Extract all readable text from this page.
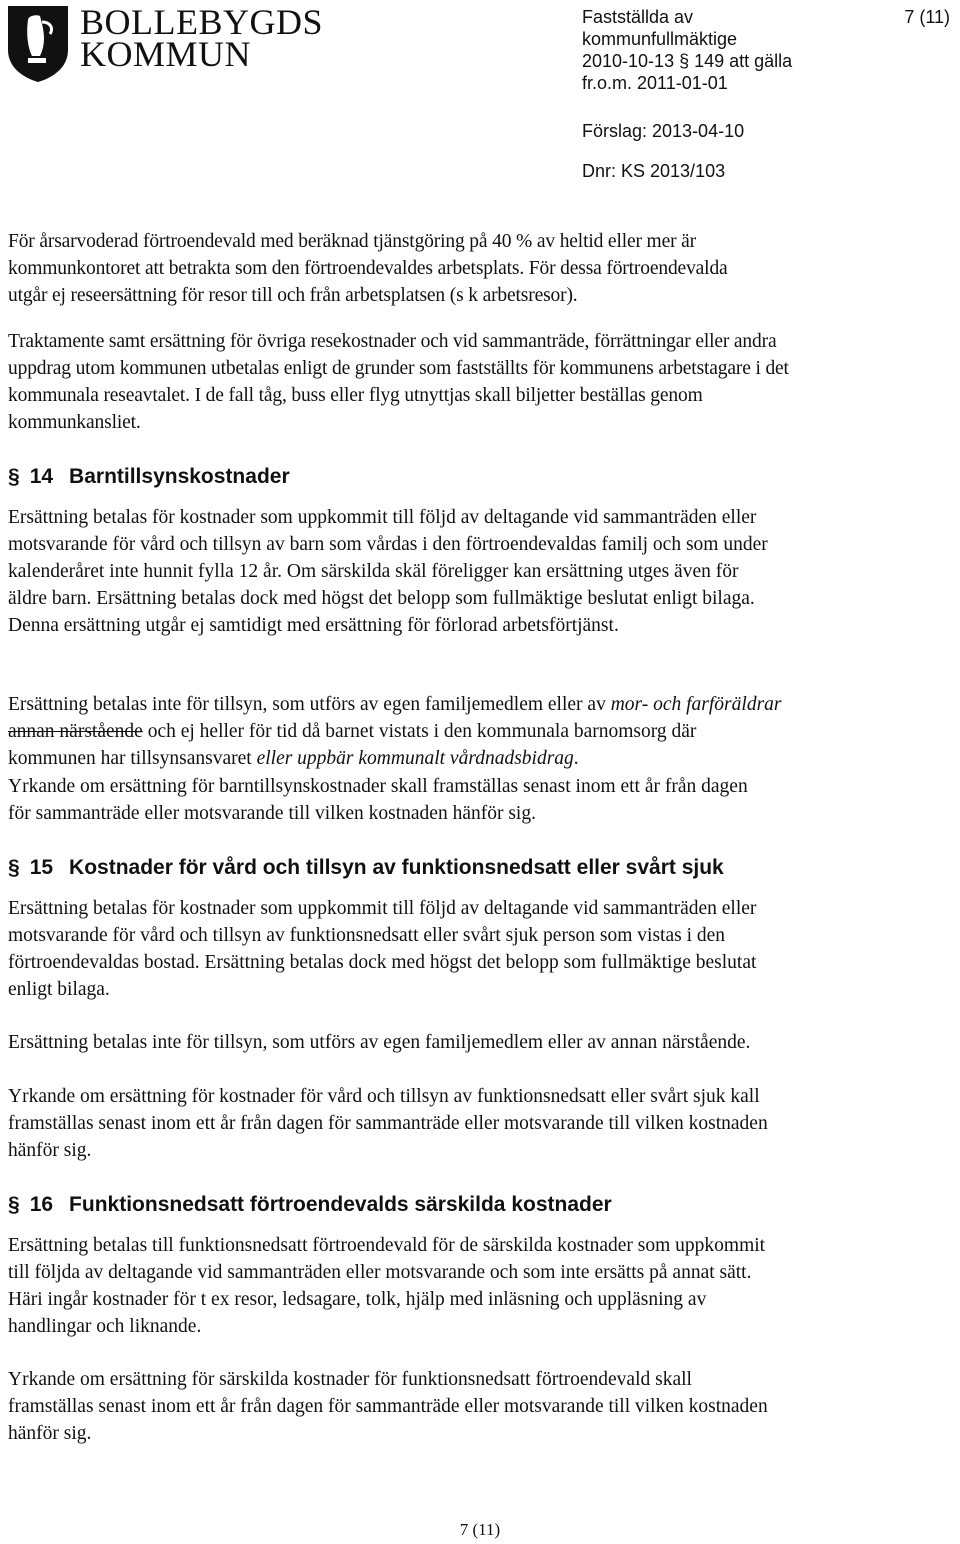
BOLLEBYGDS
KOMMUN
Fastställda av
kommunfullmäktige
2010-10-13 § 149 att gälla
fr.o.m. 2011-01-01
Förslag: 2013-04-10
Dnr: KS 2013/103
7 (11)
För årsarvoderad förtroendevald med beräknad tjänstgöring på 40 % av heltid eller mer är
kommunkontoret att betrakta som den förtroendevaldes arbetsplats. För dessa förtroendevalda
utgår ej reseersättning för resor till och från arbetsplatsen (s k arbetsresor).
Traktamente samt ersättning för övriga resekostnader och vid sammanträde, förrättningar eller andra
uppdrag utom kommunen utbetalas enligt de grunder som fastställts för kommunens arbetstagare i det
kommunala reseavtalet. I de fall tåg, buss eller flyg utnyttjas skall biljetter beställas genom
kommunkansliet.
§ 14 Barntillsynskostnader
Ersättning betalas för kostnader som uppkommit till följd av deltagande vid sammanträden eller
motsvarande för vård och tillsyn av barn som vårdas i den förtroendevaldas familj och som under
kalenderåret inte hunnit fylla 12 år. Om särskilda skäl föreligger kan ersättning utges även för
äldre barn. Ersättning betalas dock med högst det belopp som fullmäktige beslutat enligt bilaga.
Denna ersättning utgår ej samtidigt med ersättning för förlorad arbetsförtjänst.

Ersättning betalas inte för tillsyn, som utförs av egen familjemedlem eller av mor- och farföräldrar
annan närstående och ej heller för tid då barnet vistats i den kommunala barnomsorg där
kommunen har tillsynsansvaret eller uppbär kommunalt vårdnadsbidrag.

Yrkande om ersättning för barntillsynskostnader skall framställas senast inom ett år från dagen
för sammanträde eller motsvarande till vilken kostnaden hänför sig.
§ 15 Kostnader för vård och tillsyn av funktionsnedsatt eller svårt sjuk
Ersättning betalas för kostnader som uppkommit till följd av deltagande vid sammanträden eller
motsvarande för vård och tillsyn av funktionsnedsatt eller svårt sjuk person som vistas i den
förtroendevaldas bostad. Ersättning betalas dock med högst det belopp som fullmäktige beslutat
enligt bilaga.
Ersättning betalas inte för tillsyn, som utförs av egen familjemedlem eller av annan närstående.
Yrkande om ersättning för kostnader för vård och tillsyn av funktionsnedsatt eller svårt sjuk kall
framställas senast inom ett år från dagen för sammanträde eller motsvarande till vilken kostnaden
hänför sig.
§ 16 Funktionsnedsatt förtroendevalds särskilda kostnader
Ersättning betalas till funktionsnedsatt förtroendevald för de särskilda kostnader som uppkommit
till följda av deltagande vid sammanträden eller motsvarande och som inte ersätts på annat sätt.
Häri ingår kostnader för t ex resor, ledsagare, tolk, hjälp med inläsning och uppläsning av
handlingar och liknande.
Yrkande om ersättning för särskilda kostnader för funktionsnedsatt förtroendevald skall
framställas senast inom ett år från dagen för sammanträde eller motsvarande till vilken kostnaden
hänför sig.
7 (11)
